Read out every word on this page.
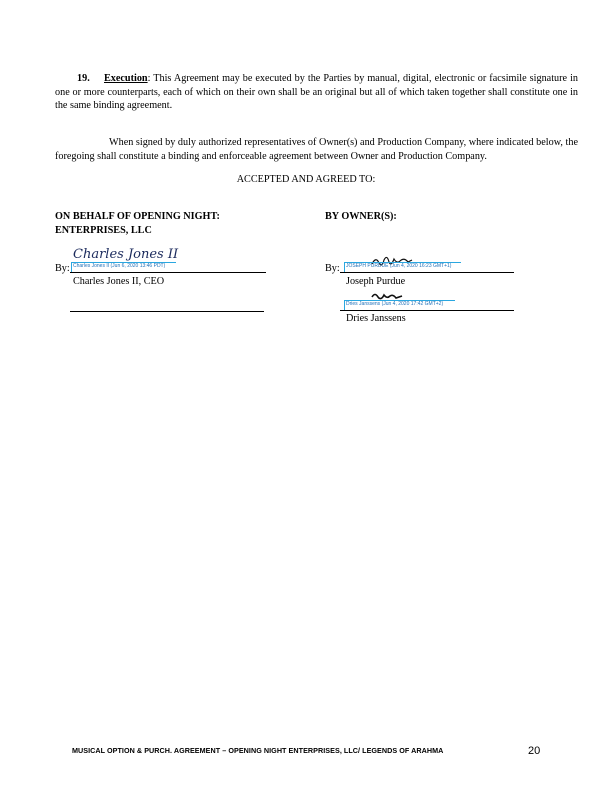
19. Execution: This Agreement may be executed by the Parties by manual, digital, electronic or facsimile signature in one or more counterparts, each of which on their own shall be an original but all of which taken together shall constitute one in the same binding agreement.
When signed by duly authorized representatives of Owner(s) and Production Company, where indicated below, the foregoing shall constitute a binding and enforceable agreement between Owner and Production Company.
ACCEPTED AND AGREED TO:
ON BEHALF OF OPENING NIGHT: ENTERPRISES, LLC
Charles Jones II
Charles Jones II (Jun 6, 2020 13:46 PDT)
By:
Charles Jones II, CEO
BY OWNER(S):
JOSEPH PURDUE (Jun 4, 2020 16:23 GMT+1)
By:
Joseph Purdue
Dries Janssens (Jun 4, 2020 17:42 GMT+2)
Dries Janssens
MUSICAL OPTION & PURCH. AGREEMENT – OPENING NIGHT ENTERPRISES, LLC/ LEGENDS OF ARAHMA	20
